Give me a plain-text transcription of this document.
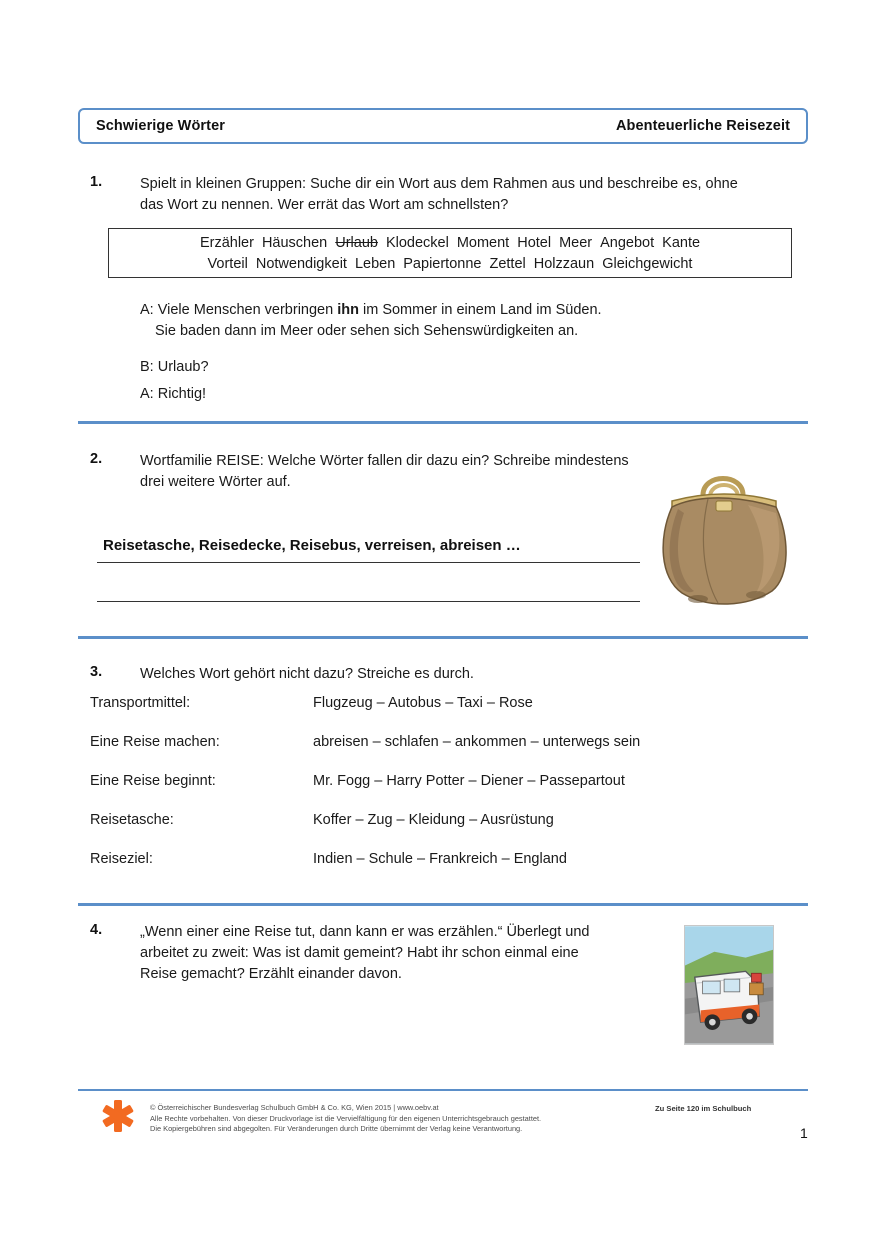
Schwierige Wörter	Abenteuerliche Reisezeit
1.	Spielt in kleinen Gruppen: Suche dir ein Wort aus dem Rahmen aus und beschreibe es, ohne das Wort zu nennen. Wer errät das Wort am schnellsten?
Erzähler Häuschen Urlaub Klodeckel Moment Hotel Meer Angebot Kante
Vorteil Notwendigkeit Leben Papiertonne Zettel Holzzaun Gleichgewicht
A: Viele Menschen verbringen ihn im Sommer in einem Land im Süden.
Sie baden dann im Meer oder sehen sich Sehenswürdigkeiten an.
B: Urlaub?
A: Richtig!
2.	Wortfamilie REISE: Welche Wörter fallen dir dazu ein? Schreibe mindestens drei weitere Wörter auf.
Reisetasche, Reisedecke, Reisebus, verreisen, abreisen …
3.	Welches Wort gehört nicht dazu? Streiche es durch.
Transportmittel:	Flugzeug – Autobus – Taxi – Rose
Eine Reise machen:	abreisen – schlafen – ankommen – unterwegs sein
Eine Reise beginnt:	Mr. Fogg – Harry Potter – Diener – Passepartout
Reisetasche:	Koffer – Zug – Kleidung – Ausrüstung
Reiseziel:	Indien – Schule – Frankreich – England
4.	„Wenn einer eine Reise tut, dann kann er was erzählen.“ Überlegt und arbeitet zu zweit: Was ist damit gemeint? Habt ihr schon einmal eine Reise gemacht? Erzählt einander davon.
© Österreichischer Bundesverlag Schulbuch GmbH & Co. KG, Wien 2015 | www.oebv.at
Alle Rechte vorbehalten. Von dieser Druckvorlage ist die Vervielfältigung für den eigenen Unterrichtsgebrauch gestattet.
Die Kopiergebühren sind abgegolten. Für Veränderungen durch Dritte übernimmt der Verlag keine Verantwortung.
Zu Seite 120 im Schulbuch
1
